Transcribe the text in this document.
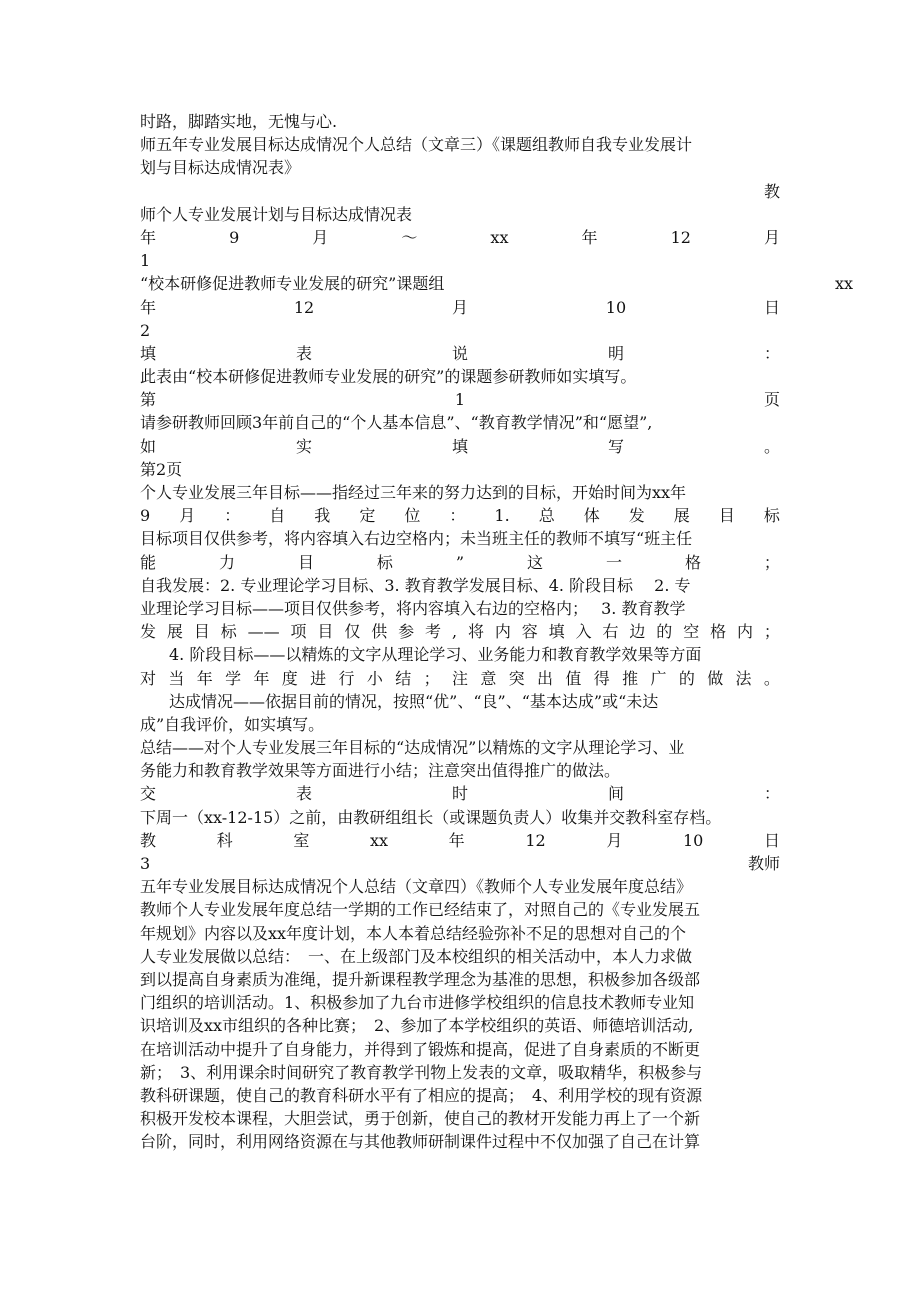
时路，脚踏实地，无愧与心.
师五年专业发展目标达成情况个人总结（文章三）《课题组教师自我专业发展计
划与目标达成情况表》
教
师个人专业发展计划与目标达成情况表
年	9	月	～	xx	年	12	月
1
“校本研修促进教师专业发展的研究”课题组	xx
年	12	月	10	日
2
填	表	说	明	：
此表由“校本研修促进教师专业发展的研究”的课题参研教师如实填写。
第	1	页
请参研教师回顾3年前自己的“个人基本信息”、“教育教学情况”和“愿望”,
如	实	填	写	。
第2页
个人专业发展三年目标——指经过三年来的努力达到的目标，开始时间为xx年
9 月 ： 自 我 定 位 ： 1. 总 体 发 展 目 标
目标项目仅供参考，将内容填入右边空格内；未当班主任的教师不填写“班主任
能	力	目	标	”	这	一	格	；
自我发展：2. 专业理论学习目标、3. 教育教学发展目标、4. 阶段目标　 2. 专
业理论学习目标——项目仅供参考，将内容填入右边的空格内；　 3. 教育教学
发 展 目 标 —— 项 目 仅 供 参 考 , 将 内 容 填 入 右 边 的 空 格 内 ；
4. 阶段目标——以精炼的文字从理论学习、业务能力和教育教学效果等方面
对 当 年 学 年 度 进 行 小 结 ； 注 意 突 出 值 得 推 广 的 做 法 。
达成情况——依据目前的情况，按照“优”、“良”、“基本达成”或“未达
成”自我评价，如实填写。
总结——对个人专业发展三年目标的“达成情况”以精炼的文字从理论学习、业
务能力和教育教学效果等方面进行小结；注意突出值得推广的做法。
交	表	时	间	：
下周一（xx-12-15）之前，由教研组组长（或课题负责人）收集并交教科室存档。
教	科	室	xx	年	12	月	10	日
3	教师
五年专业发展目标达成情况个人总结（文章四）《教师个人专业发展年度总结》
教师个人专业发展年度总结一学期的工作已经结束了，对照自己的《专业发展五
年规划》内容以及xx年度计划，本人本着总结经验弥补不足的思想对自己的个
人专业发展做以总结：　一、在上级部门及本校组织的相关活动中，本人力求做
到以提高自身素质为准绳，提升新课程教学理念为基准的思想，积极参加各级部
门组织的培训活动。1、积极参加了九台市进修学校组织的信息技术教师专业知
识培训及xx市组织的各种比赛；　2、参加了本学校组织的英语、师德培训活动,
在培训活动中提升了自身能力，并得到了锻炼和提高，促进了自身素质的不断更
新；　3、利用课余时间研究了教育教学刊物上发表的文章，吸取精华，积极参与
教科研课题，使自己的教育科研水平有了相应的提高；　4、利用学校的现有资源
积极开发校本课程，大胆尝试，勇于创新，使自己的教材开发能力再上了一个新
台阶，同时，利用网络资源在与其他教师研制课件过程中不仅加强了自己在计算
